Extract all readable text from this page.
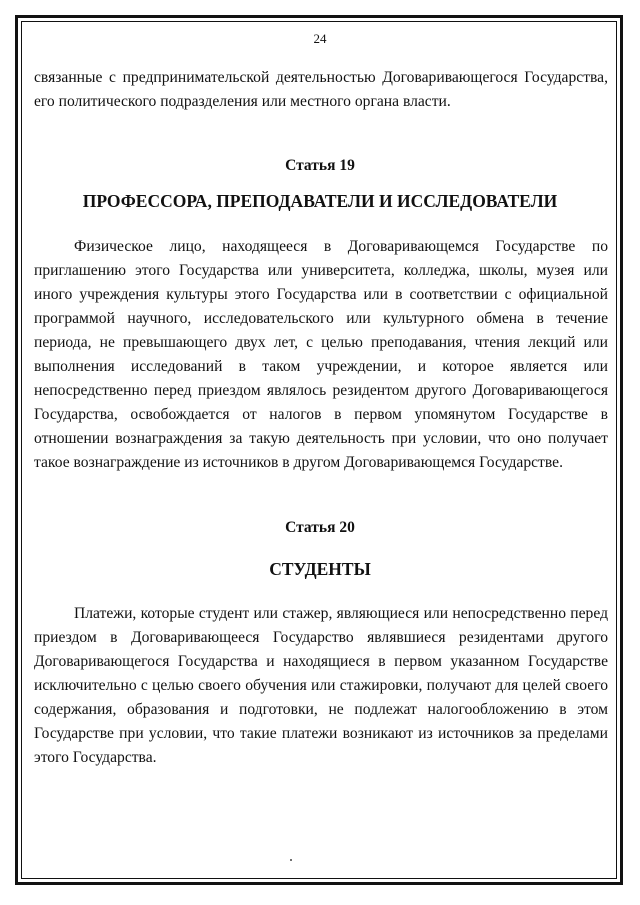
24

связанные с предпринимательской деятельностью Договаривающегося Государства, его политического подразделения или местного органа власти.

Статья 19
ПРОФЕССОРА, ПРЕПОДАВАТЕЛИ И ИССЛЕДОВАТЕЛИ

Физическое лицо, находящееся в Договаривающемся Государстве по приглашению этого Государства или университета, колледжа, школы, музея или иного учреждения культуры этого Государства или в соответствии с официальной программой научного, исследовательского или культурного обмена в течение периода, не превышающего двух лет, с целью преподавания, чтения лекций или выполнения исследований в таком учреждении, и которое является или непосредственно перед приездом являлось резидентом другого Договаривающегося Государства, освобождается от налогов в первом упомянутом Государстве в отношении вознаграждения за такую деятельность при условии, что оно получает такое вознаграждение из источников в другом Договаривающемся Государстве.

Статья 20
СТУДЕНТЫ

Платежи, которые студент или стажер, являющиеся или непосредственно перед приездом в Договаривающееся Государство являвшиеся резидентами другого Договаривающегося Государства и находящиеся в первом указанном Государстве исключительно с целью своего обучения или стажировки, получают для целей своего содержания, образования и подготовки, не подлежат налогообложению в этом Государстве при условии, что такие платежи возникают из источников за пределами этого Государства.
